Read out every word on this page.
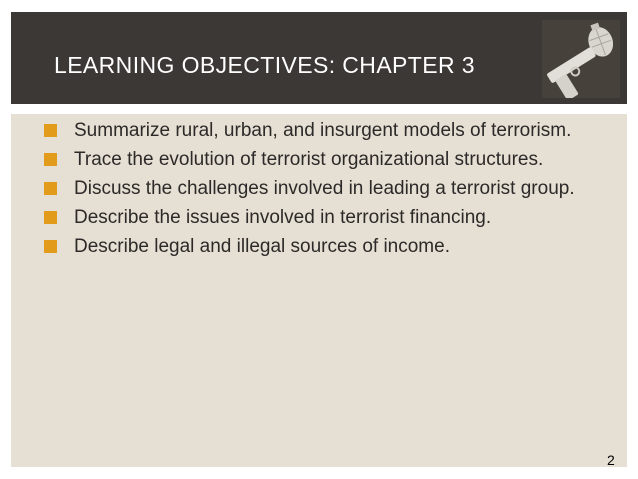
LEARNING OBJECTIVES: CHAPTER 3
Summarize rural, urban, and insurgent models of terrorism.
Trace the evolution of terrorist organizational structures.
Discuss the challenges involved in leading a terrorist group.
Describe the issues involved in terrorist financing.
Describe legal and illegal sources of income.
2
